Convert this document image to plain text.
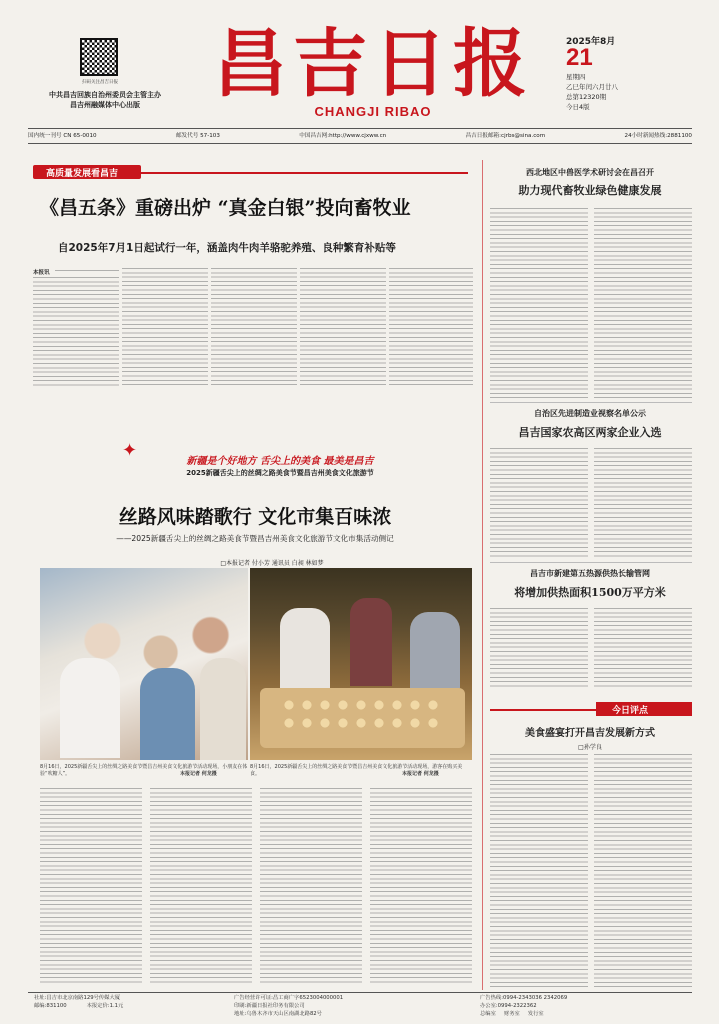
扫码关注昌吉日报
中共昌吉回族自治州委员会主管主办
昌吉州融媒体中心出版 昌吉日报
CHANGJI RIBAO
2025年8月
21
星期四
乙巳年闰六月廿八
总第12320期
今日4版
国内统一刊号 CN 65-0010	邮发代号 57-103	中国昌吉网:http://www.cjxww.cn	昌吉日报邮箱:cjrbs@sina.com	24小时新闻热线:2881100
高质量发展看昌吉
《昌五条》重磅出炉 “真金白银”投向畜牧业
自2025年7月1日起试行一年，涵盖肉牛肉羊骆驼养殖、良种繁育补贴等
本报讯
新疆是个好地方 舌尖上的美食 最美是昌吉
2025新疆舌尖上的丝绸之路美食节暨昌吉州美食文化旅游节
✦
丝路风味踏歌行 文化市集百味浓
——2025新疆舌尖上的丝绸之路美食节暨昌吉州美食文化旅游节文化市集活动侧记
□本报记者 付小芳 通讯员 白昶 林如梦
8月16日，2025新疆舌尖上的丝绸之路美食节暨昌吉州美食文化旅游节活动现场，小朋友在体验“吹糖人”。	本报记者 何龙摄
8月16日，2025新疆舌尖上的丝绸之路美食节暨昌吉州美食文化旅游节活动现场，游客在购买美食。	本报记者 何龙摄
西北地区中兽医学术研讨会在昌召开
助力现代畜牧业绿色健康发展
自治区先进制造业视察名单公示
昌吉国家农高区两家企业入选
昌吉市新建第五热源供热长输管网
将增加供热面积1500万平方米
今日评点
美食盛宴打开昌吉发展新方式
□孙学良
社址:昌吉市北京南路129号传媒大厦
邮编:831100	本报定价:1.1元
广告经营许可证:昌工商广字6523004000001
印刷:新疆日报社印务有限公司
地址:乌鲁木齐市天山区南湖北路82号
广告热线:0994-2343036 2342069
办公室:0994-2322362
总编室 财务室 发行室
